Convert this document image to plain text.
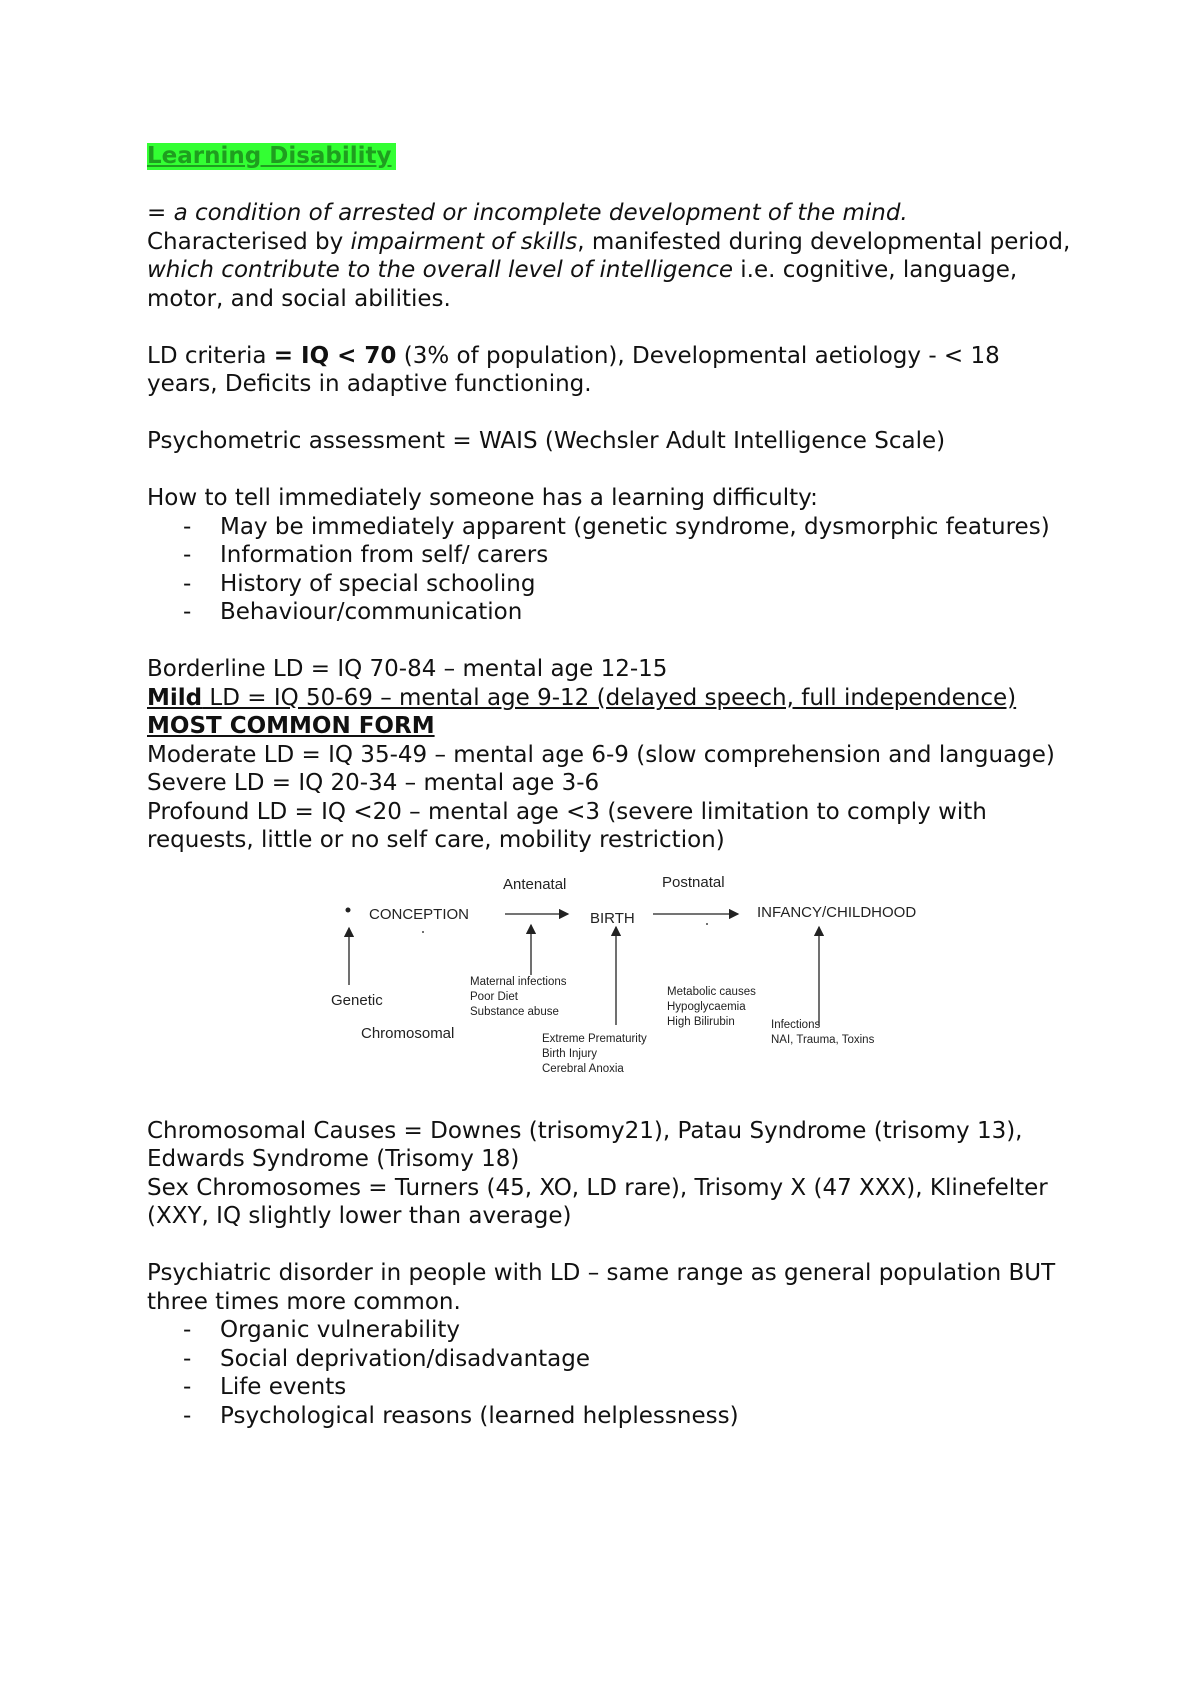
Learning Disability

= a condition of arrested or incomplete development of the mind.
Characterised by impairment of skills, manifested during developmental period, which contribute to the overall level of intelligence i.e. cognitive, language, motor, and social abilities.

LD criteria = IQ < 70 (3% of population), Developmental aetiology - < 18 years, Deficits in adaptive functioning.

Psychometric assessment = WAIS (Wechsler Adult Intelligence Scale)

How to tell immediately someone has a learning difficulty:

- May be immediately apparent (genetic syndrome, dysmorphic features)
- Information from self/ carers
- History of special schooling
- Behaviour/communication

Borderline LD = IQ 70-84 – mental age 12-15

Mild LD = IQ 50-69 – mental age 9-12 (delayed speech, full independence) MOST COMMON FORM

Moderate LD = IQ 35-49 – mental age 6-9 (slow comprehension and language)

Severe LD = IQ 20-34 – mental age 3-6

Profound LD = IQ <20 – mental age <3 (severe limitation to comply with requests, little or no self care, mobility restriction)

Antenatal	Postnatal
CONCEPTION	BIRTH	INFANCY/CHILDHOOD
Genetic
Chromosomal
Maternal infections
Poor Diet
Substance abuse
Extreme Prematurity
Birth Injury
Cerebral Anoxia
Metabolic causes
Hypoglycaemia
High Bilirubin	Infections
NAI, Trauma, Toxins

Chromosomal Causes = Downes (trisomy21), Patau Syndrome (trisomy 13), Edwards Syndrome (Trisomy 18)

Sex Chromosomes = Turners (45, XO, LD rare), Trisomy X (47 XXX), Klinefelter (XXY, IQ slightly lower than average)

Psychiatric disorder in people with LD – same range as general population BUT three times more common.

- Organic vulnerability
- Social deprivation/disadvantage
- Life events
- Psychological reasons (learned helplessness)
